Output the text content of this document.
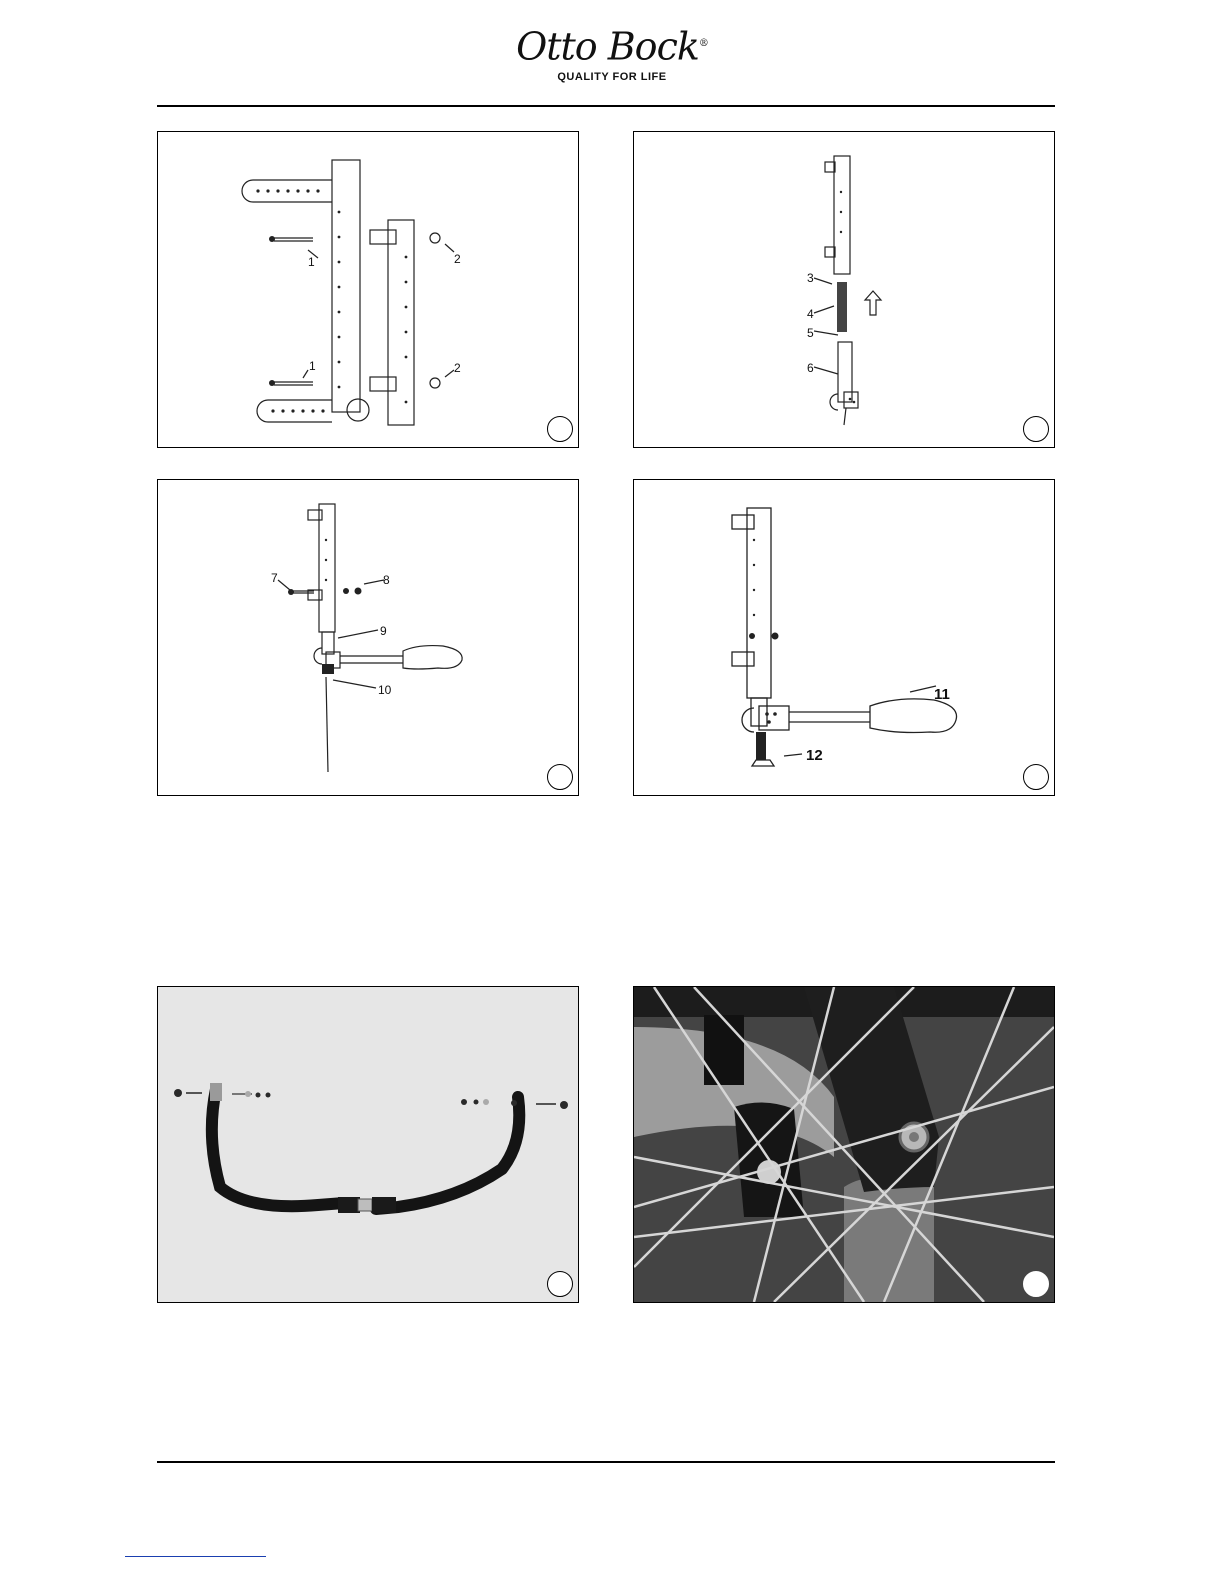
Otto Bock®
QUALITY FOR LIFE
1	2
1	2
3
4
5
6
7	8
9
10	11
12
